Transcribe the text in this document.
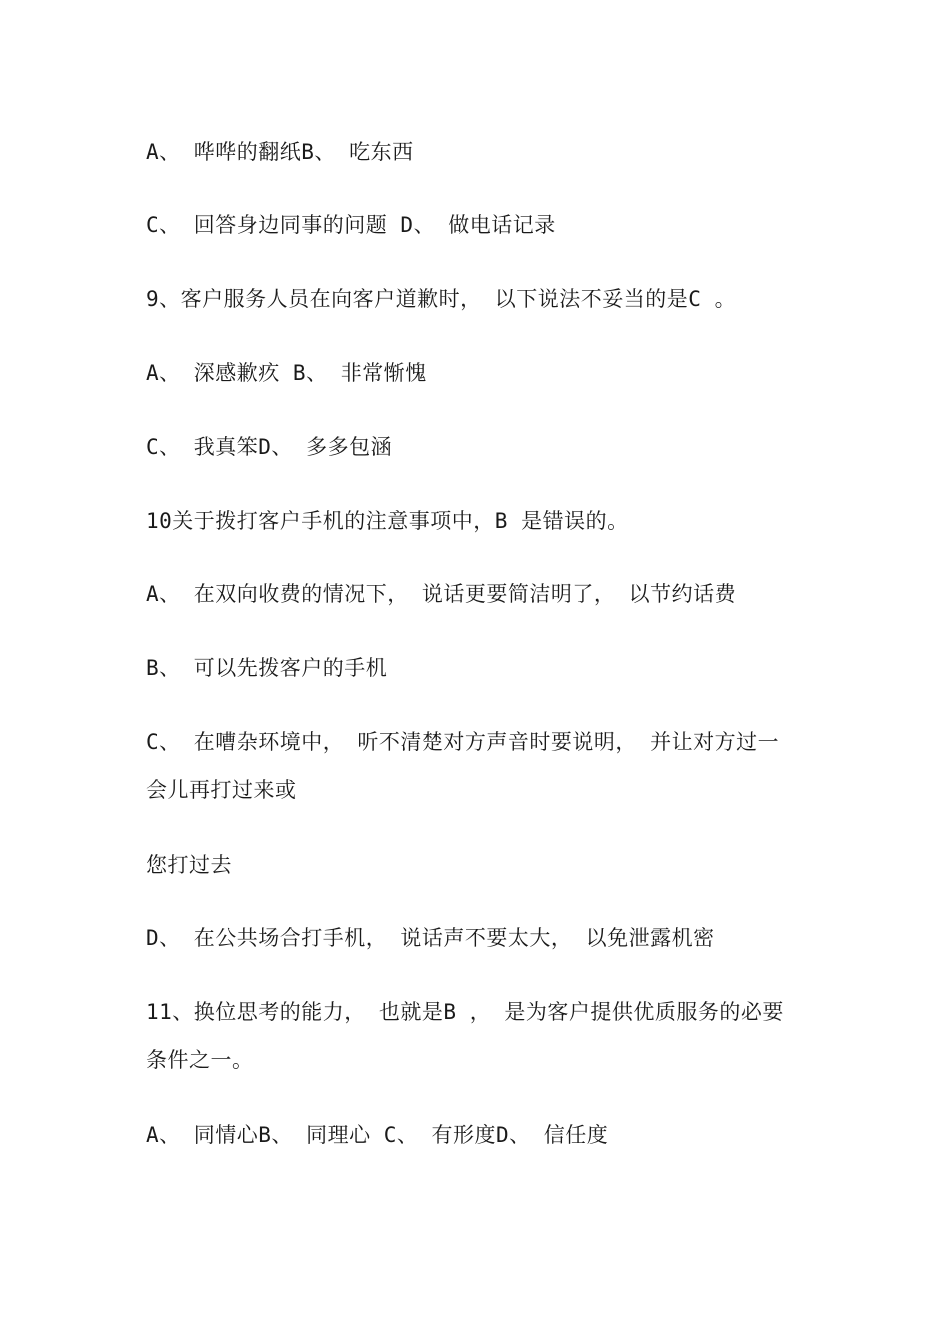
A、 哗哗的翻纸B、 吃东西
C、 回答身边同事的问题 D、 做电话记录
9、客户服务人员在向客户道歉时， 以下说法不妥当的是C 。
A、 深感歉疚 B、 非常惭愧
C、 我真笨D、 多多包涵
10关于拨打客户手机的注意事项中，B 是错误的。
A、 在双向收费的情况下， 说话更要简洁明了， 以节约话费
B、 可以先拨客户的手机
C、 在嘈杂环境中， 听不清楚对方声音时要说明， 并让对方过一
会儿再打过来或
您打过去
D、 在公共场合打手机， 说话声不要太大， 以免泄露机密
11、换位思考的能力， 也就是B ， 是为客户提供优质服务的必要
条件之一。
A、 同情心B、 同理心 C、 有形度D、 信任度
